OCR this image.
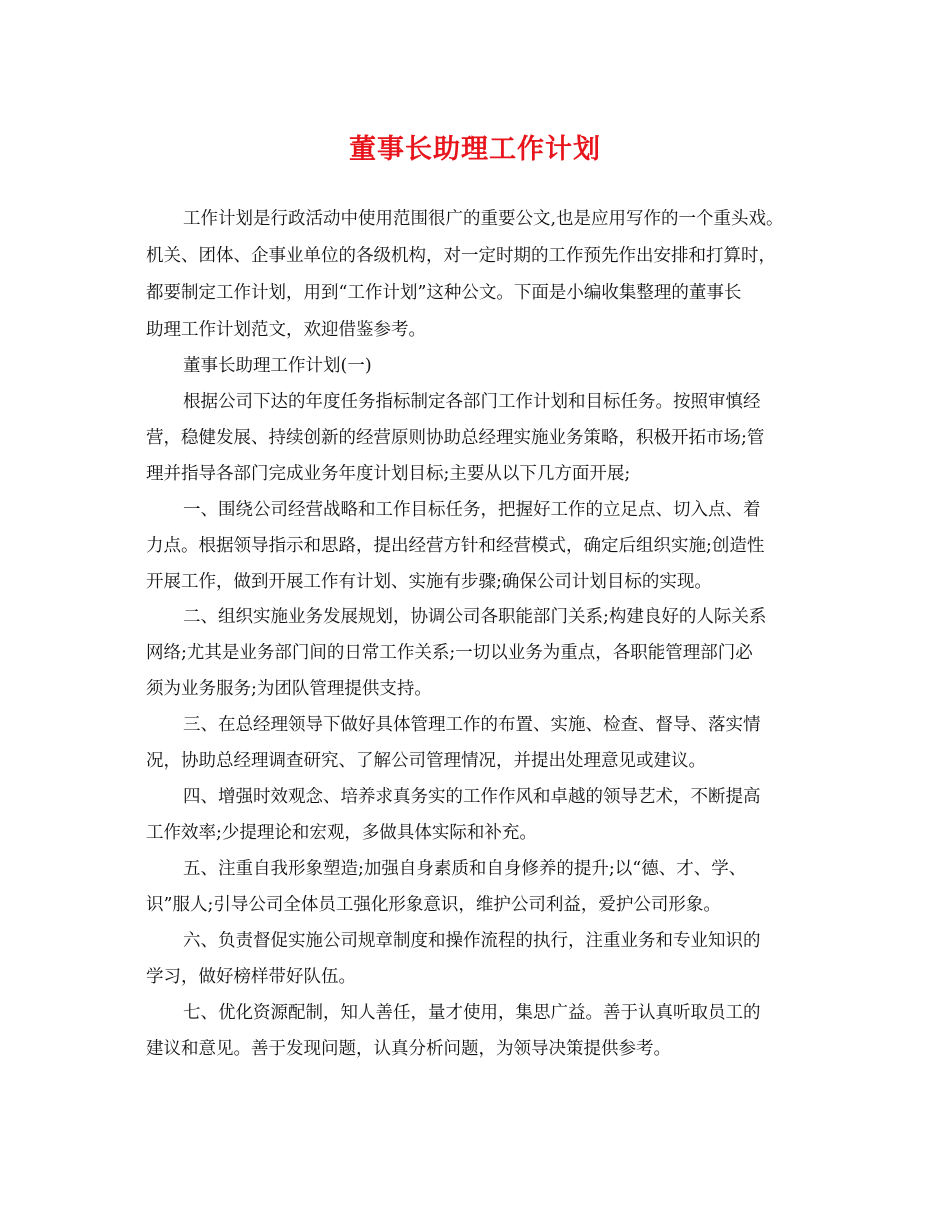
董事长助理工作计划
工作计划是行政活动中使用范围很广的重要公文,也是应用写作的一个重头戏。
机关、团体、企事业单位的各级机构，对一定时期的工作预先作出安排和打算时，
都要制定工作计划，用到“工作计划”这种公文。下面是小编收集整理的董事长
助理工作计划范文，欢迎借鉴参考。
董事长助理工作计划(一)
根据公司下达的年度任务指标制定各部门工作计划和目标任务。按照审慎经
营，稳健发展、持续创新的经营原则协助总经理实施业务策略，积极开拓市场;管
理并指导各部门完成业务年度计划目标;主要从以下几方面开展;
一、围绕公司经营战略和工作目标任务，把握好工作的立足点、切入点、着
力点。根据领导指示和思路，提出经营方针和经营模式，确定后组织实施;创造性
开展工作，做到开展工作有计划、实施有步骤;确保公司计划目标的实现。
二、组织实施业务发展规划，协调公司各职能部门关系;构建良好的人际关系
网络;尤其是业务部门间的日常工作关系;一切以业务为重点，各职能管理部门必
须为业务服务;为团队管理提供支持。
三、在总经理领导下做好具体管理工作的布置、实施、检查、督导、落实情
况，协助总经理调查研究、了解公司管理情况，并提出处理意见或建议。
四、增强时效观念、培养求真务实的工作作风和卓越的领导艺术，不断提高
工作效率;少提理论和宏观，多做具体实际和补充。
五、注重自我形象塑造;加强自身素质和自身修养的提升;以“德、才、学、
识”服人;引导公司全体员工强化形象意识，维护公司利益，爱护公司形象。
六、负责督促实施公司规章制度和操作流程的执行，注重业务和专业知识的
学习，做好榜样带好队伍。
七、优化资源配制，知人善任，量才使用，集思广益。善于认真听取员工的
建议和意见。善于发现问题，认真分析问题，为领导决策提供参考。
